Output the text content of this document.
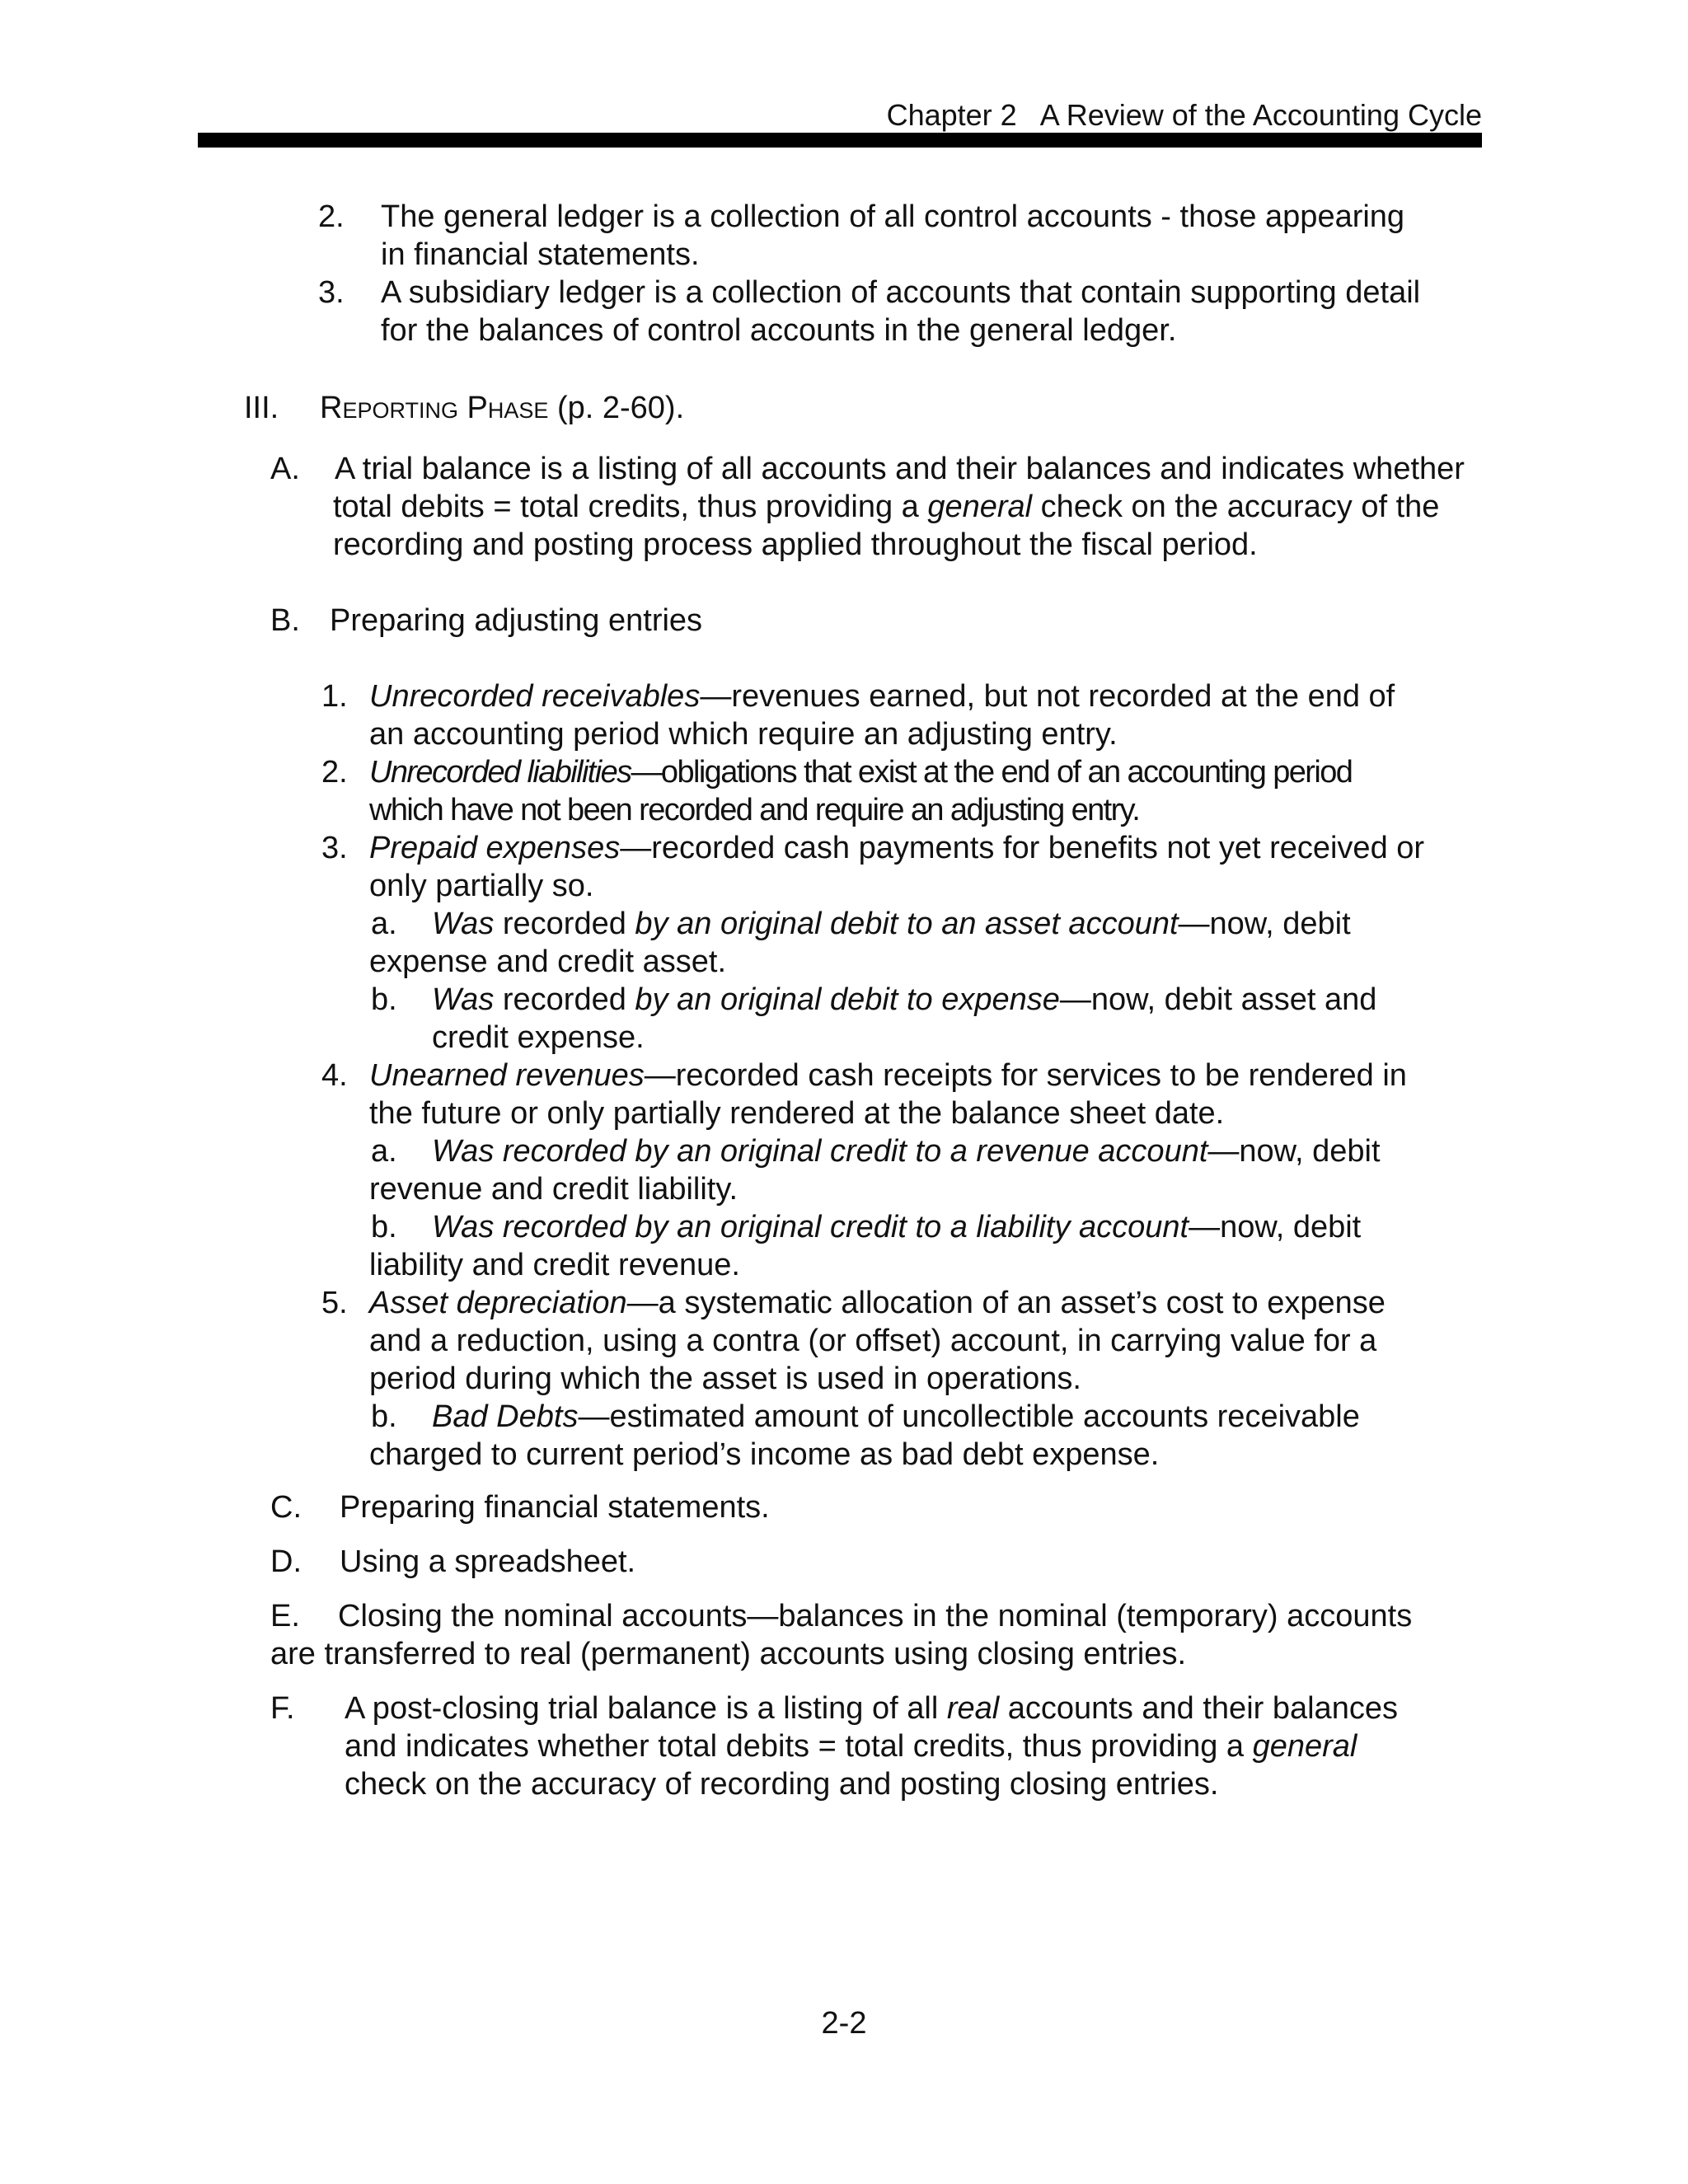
Chapter 2   A Review of the Accounting Cycle
2. The general ledger is a collection of all control accounts - those appearing
in financial statements.
3. A subsidiary ledger is a collection of accounts that contain supporting detail
for the balances of control accounts in the general ledger.
III. Reporting Phase (p. 2-60).
A. A trial balance is a listing of all accounts and their balances and indicates whether
total debits = total credits, thus providing a general check on the accuracy of the
recording and posting process applied throughout the fiscal period.
B. Preparing adjusting entries
1. Unrecorded receivables—revenues earned, but not recorded at the end of
an accounting period which require an adjusting entry.
2. Unrecorded liabilities—obligations that exist at the end of an accounting period
which have not been recorded and require an adjusting entry.
3. Prepaid expenses—recorded cash payments for benefits not yet received or
only partially so.
a. Was recorded by an original debit to an asset account—now, debit
expense and credit asset.
b. Was recorded by an original debit to expense—now, debit asset and
credit expense.
4. Unearned revenues—recorded cash receipts for services to be rendered in
the future or only partially rendered at the balance sheet date.
a. Was recorded by an original credit to a revenue account—now, debit
revenue and credit liability.
b. Was recorded by an original credit to a liability account—now, debit
liability and credit revenue.
5. Asset depreciation—a systematic allocation of an asset’s cost to expense
and a reduction, using a contra (or offset) account, in carrying value for a
period during which the asset is used in operations.
b. Bad Debts—estimated amount of uncollectible accounts receivable
charged to current period’s income as bad debt expense.
C. Preparing financial statements.
D. Using a spreadsheet.
E. Closing the nominal accounts—balances in the nominal (temporary) accounts
are transferred to real (permanent) accounts using closing entries.
F. A post-closing trial balance is a listing of all real accounts and their balances
and indicates whether total debits = total credits, thus providing a general
check on the accuracy of recording and posting closing entries.
2-2
